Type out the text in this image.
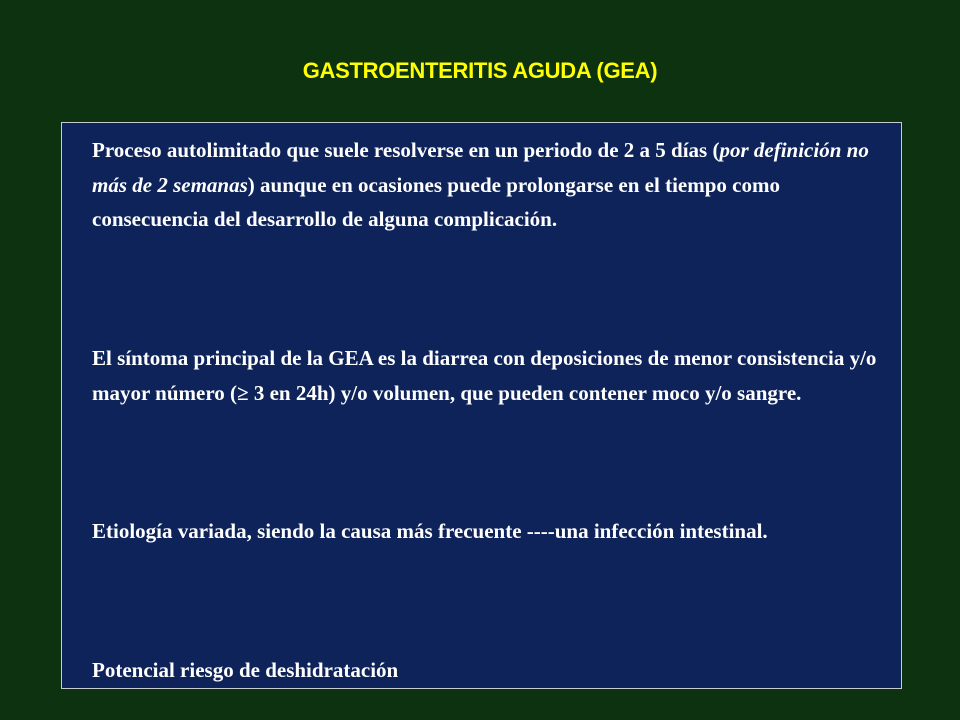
GASTROENTERITIS AGUDA (GEA)

Proceso autolimitado que suele resolverse en un periodo de 2 a 5 días (por definición no más de 2 semanas) aunque en ocasiones puede prolongarse en el tiempo como consecuencia del desarrollo de alguna complicación.

El síntoma principal de la GEA es la diarrea con deposiciones de menor consistencia y/o mayor número (≥ 3 en 24h) y/o volumen, que pueden contener moco y/o sangre.

Etiología variada, siendo la causa más frecuente ----una infección intestinal.

Potencial riesgo de deshidratación
